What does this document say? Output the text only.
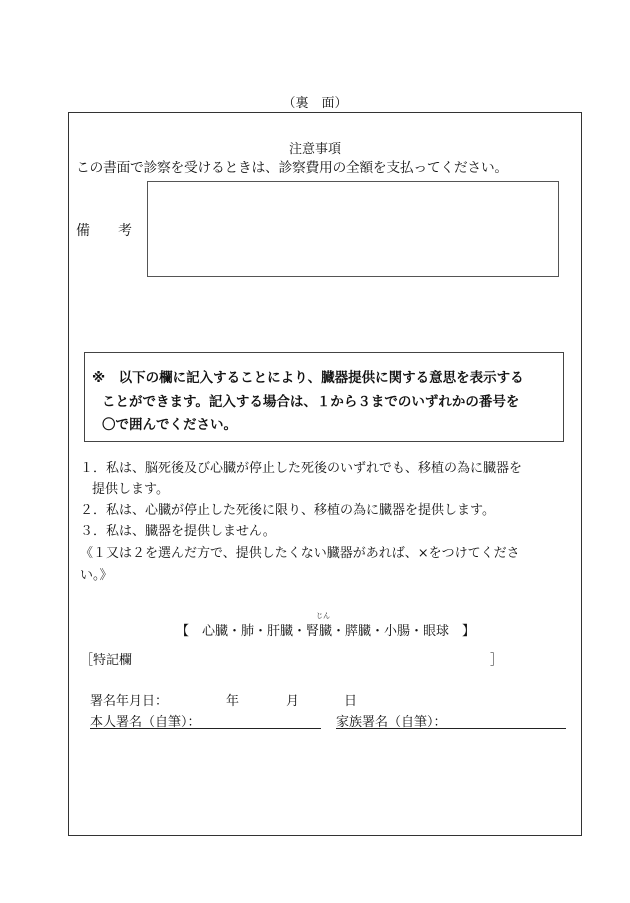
（裏　面）
注意事項
この書面で診察を受けるときは、診察費用の全額を支払ってください。
備考
※　以下の欄に記入することにより、臓器提供に関する意思を表示する
ことができます。記入する場合は、１から３までのいずれかの番号を
〇で囲んでください。
１．私は、脳死後及び心臓が停止した死後のいずれでも、移植の為に臓器を
提供します。
２．私は、心臓が停止した死後に限り、移植の為に臓器を提供します。
３．私は、臓器を提供しません。
《１又は２を選んだ方で、提供したくない臓器があれば、×をつけてくださ
い。》
じん
【　心臓・肺・肝臓・腎臓・膵臓・小腸・眼球　】
［特記欄	］
署名年月日：	年	月	日
本人署名（自筆）：	家族署名（自筆）：
